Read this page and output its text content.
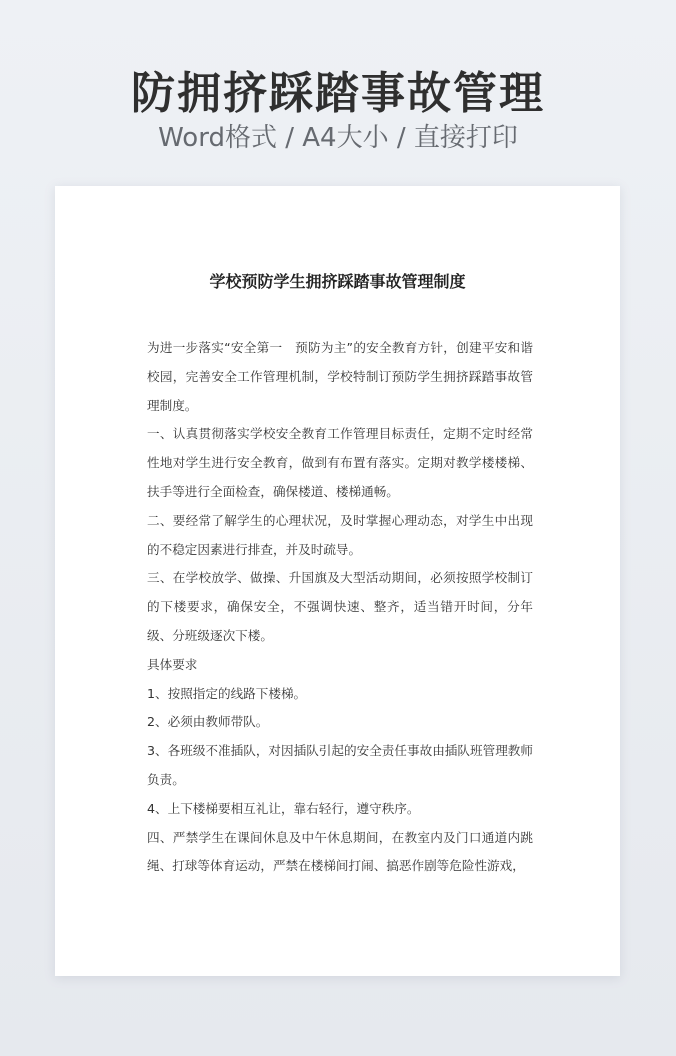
防拥挤踩踏事故管理
Word格式 / A4大小 / 直接打印
学校预防学生拥挤踩踏事故管理制度

为进一步落实“安全第一　预防为主”的安全教育方针，创建平安和谐校园，完善安全工作管理机制，学校特制订预防学生拥挤踩踏事故管理制度。

一、认真贯彻落实学校安全教育工作管理目标责任，定期不定时经常性地对学生进行安全教育，做到有布置有落实。定期对教学楼楼梯、扶手等进行全面检查，确保楼道、楼梯通畅。

二、要经常了解学生的心理状况，及时掌握心理动态，对学生中出现的不稳定因素进行排查，并及时疏导。

三、在学校放学、做操、升国旗及大型活动期间，必须按照学校制订的下楼要求，确保安全，不强调快速、整齐，适当错开时间，分年级、分班级逐次下楼。

具体要求

1、按照指定的线路下楼梯。

2、必须由教师带队。

3、各班级不准插队，对因插队引起的安全责任事故由插队班管理教师负责。

4、上下楼梯要相互礼让，靠右轻行，遵守秩序。

四、严禁学生在课间休息及中午休息期间，在教室内及门口通道内跳绳、打球等体育运动，严禁在楼梯间打闹、搞恶作剧等危险性游戏，
